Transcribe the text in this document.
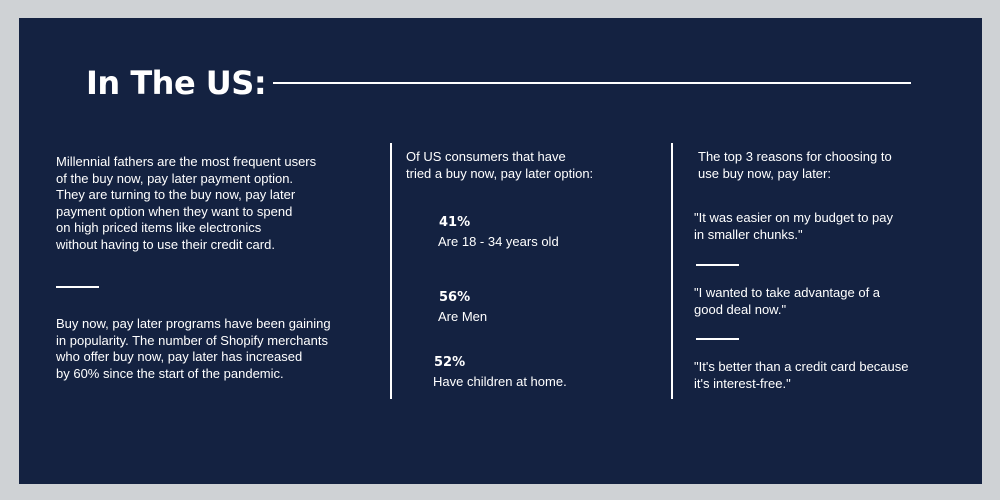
In The US:
Millennial fathers are the most frequent users
of the buy now, pay later payment option.
They are turning to the buy now, pay later
payment option when they want to spend
on high priced items like electronics
without having to use their credit card.
Buy now, pay later programs have been gaining
in popularity. The number of Shopify merchants
who offer buy now, pay later has increased
by 60% since the start of the pandemic.
Of US consumers that have
tried a buy now, pay later option:
41%
Are 18 - 34 years old
56%
Are Men
52%
Have children at home.
The top 3 reasons for choosing to
use buy now, pay later:
"It was easier on my budget to pay
in smaller chunks."
"I wanted to take advantage of a
good deal now."
"It's better than a credit card because
it's interest-free."
